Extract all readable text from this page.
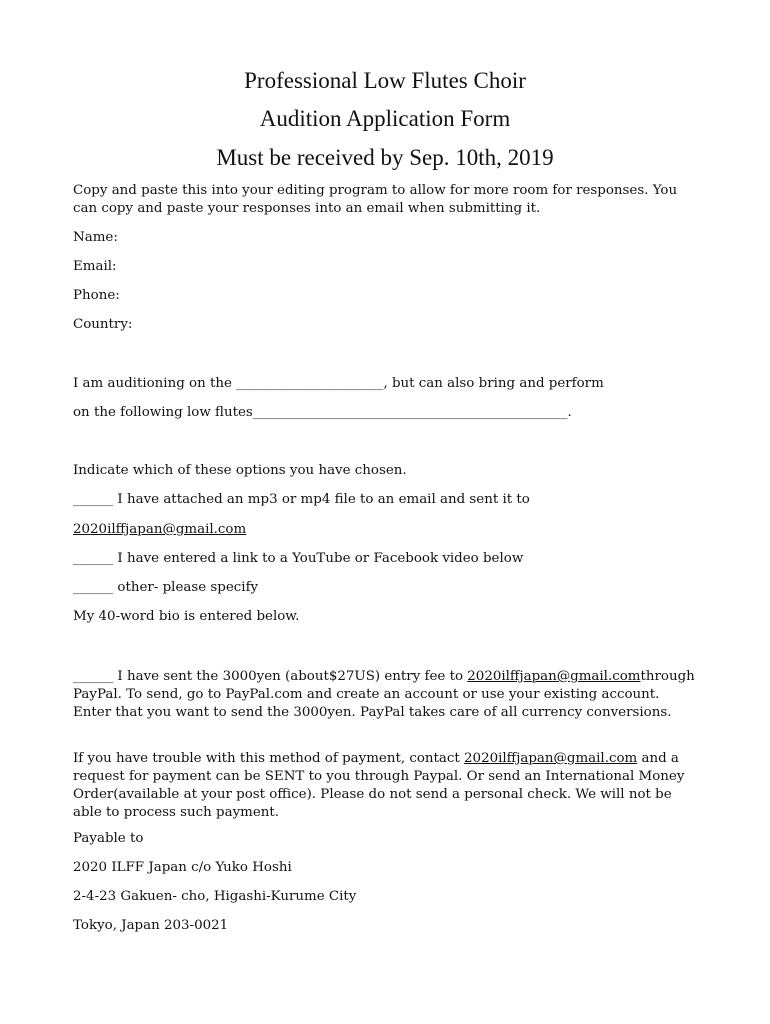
Professional Low Flutes Choir
Audition Application Form
Must be received by Sep. 10th, 2019
Copy and paste this into your editing program to allow for more room for responses. You can copy and paste your responses into an email when submitting it.
Name:
Email:
Phone:
Country:
I am auditioning on the ______________________, but can also bring and perform
on the following low flutes_______________________________________________.
Indicate which of these options you have chosen.
______ I have attached an mp3 or mp4 file to an email and sent it to
2020ilffjapan@gmail.com
______ I have entered a link to a YouTube or Facebook video below
______ other- please specify
My 40-word bio is entered below.
______ I have sent the 3000yen (about$27US) entry fee to 2020ilffjapan@gmail.comthrough PayPal. To send, go to PayPal.com and create an account or use your existing account. Enter that you want to send the 3000yen. PayPal takes care of all currency conversions.
If you have trouble with this method of payment, contact 2020ilffjapan@gmail.com and a request for payment can be SENT to you through Paypal. Or send an International Money Order(available at your post office). Please do not send a personal check. We will not be able to process such payment.
Payable to
2020 ILFF Japan c/o Yuko Hoshi
2-4-23 Gakuen- cho, Higashi-Kurume City
Tokyo, Japan 203-0021
